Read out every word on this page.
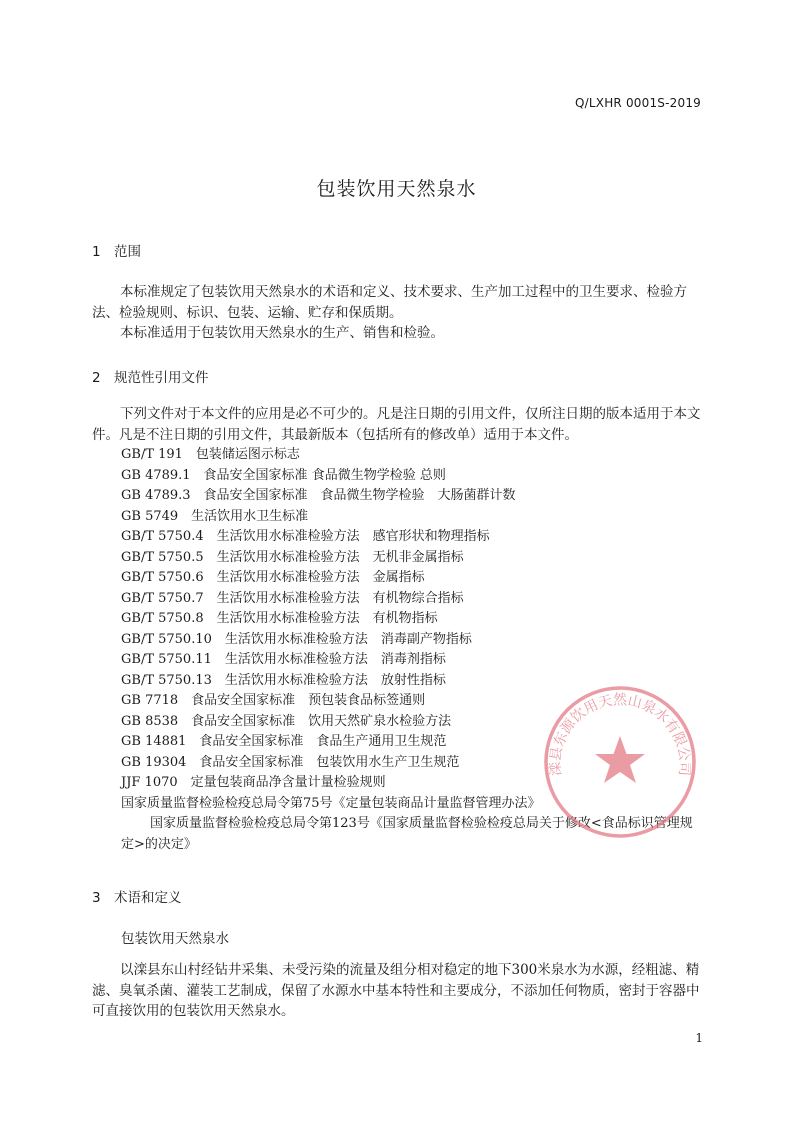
Q/LXHR 0001S-2019
包装饮用天然泉水
1 范围

本标准规定了包装饮用天然泉水的术语和定义、技术要求、生产加工过程中的卫生要求、检验方法、检验规则、标识、包装、运输、贮存和保质期。

本标准适用于包装饮用天然泉水的生产、销售和检验。

2 规范性引用文件

下列文件对于本文件的应用是必不可少的。凡是注日期的引用文件，仅所注日期的版本适用于本文件。凡是不注日期的引用文件，其最新版本（包括所有的修改单）适用于本文件。

GB/T 191　包装储运图示标志
GB 4789.1　食品安全国家标准 食品微生物学检验 总则
GB 4789.3　食品安全国家标准　食品微生物学检验　大肠菌群计数
GB 5749　生活饮用水卫生标准
GB/T 5750.4　生活饮用水标准检验方法　感官形状和物理指标
GB/T 5750.5　生活饮用水标准检验方法　无机非金属指标
GB/T 5750.6　生活饮用水标准检验方法　金属指标
GB/T 5750.7　生活饮用水标准检验方法　有机物综合指标
GB/T 5750.8　生活饮用水标准检验方法　有机物指标
GB/T 5750.10　生活饮用水标准检验方法　消毒副产物指标
GB/T 5750.11　生活饮用水标准检验方法　消毒剂指标
GB/T 5750.13　生活饮用水标准检验方法　放射性指标
GB 7718　食品安全国家标准　预包装食品标签通则
GB 8538　食品安全国家标准　饮用天然矿泉水检验方法
GB 14881　食品安全国家标准　食品生产通用卫生规范
GB 19304　食品安全国家标准　包装饮用水生产卫生规范
JJF 1070　定量包装商品净含量计量检验规则
国家质量监督检验检疫总局令第75号《定量包装商品计量监督管理办法》
国家质量监督检验检疫总局令第123号《国家质量监督检验检疫总局关于修改<食品标识管理规
定>的决定》
3 术语和定义
包装饮用天然泉水

以滦县东山村经钻井采集、未受污染的流量及组分相对稳定的地下300米泉水为水源，经粗滤、精滤、臭氧杀菌、灌装工艺制成，保留了水源水中基本特性和主要成分，不添加任何物质，密封于容器中可直接饮用的包装饮用天然泉水。

滦县东源饮用天然山泉水有限公司
1
